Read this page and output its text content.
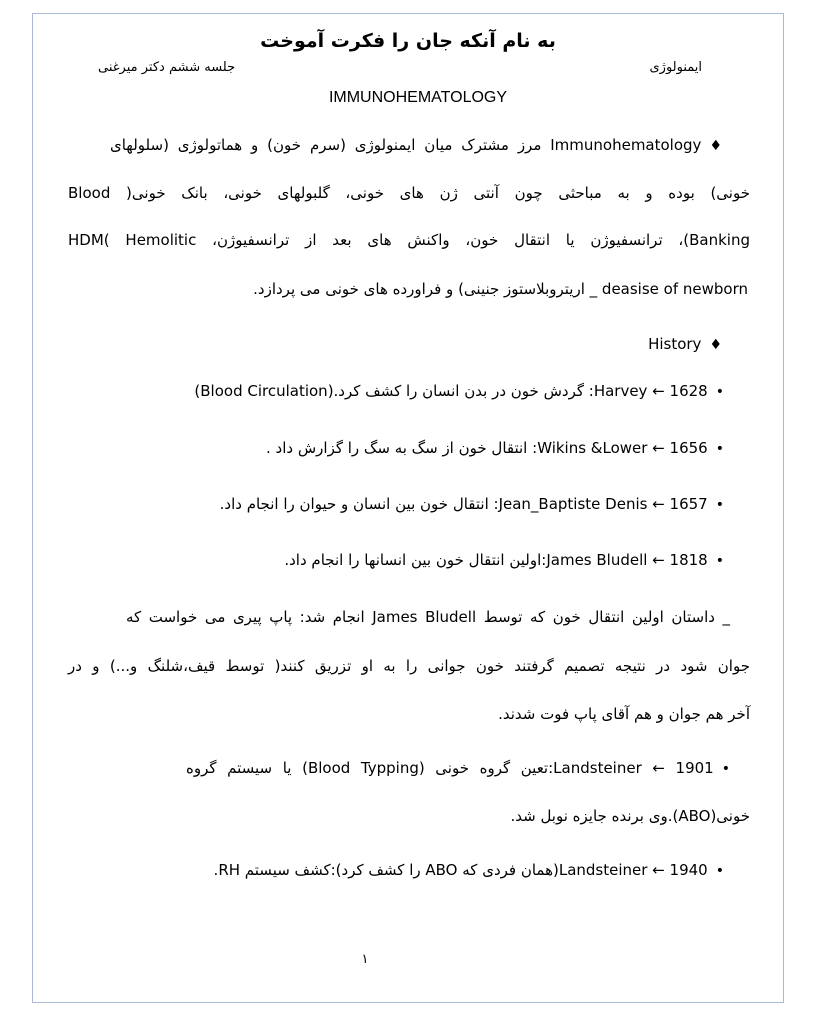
به نام آنکه جان را فکرت آموخت
جلسه ششم دکتر میرغنی	ایمنولوژی
IMMUNOHEMATOLOGY
♦Immunohematology مرز مشترک میان ایمنولوژی (سرم خون) و هماتولوژی (سلولهای
خونی) بوده و به مباحثی چون آنتی ژن های خونی، گلبولهای خونی، بانک خونی( Blood
Banking)، ترانسفیوژن یا انتقال خون، واکنش های بعد از ترانسفیوژن، HDM( Hemolitic
deasise of newborn _ اریتروبلاستوز جنینی) و فراورده های خونی می پردازد.
♦History
•1628 ← Harvey: گردش خون در بدن انسان را کشف کرد.(Blood Circulation)
•1656 ← Wikins &Lower: انتقال خون از سگ به سگ را گزارش داد .
•1657 ← Jean_Baptiste Denis: انتقال خون بین انسان و حیوان را انجام داد.
•1818 ← James Bludell:اولین انتقال خون بین انسانها را انجام داد.
_ داستان اولین انتقال خون که توسط James Bludell انجام شد: پاپ پیری می خواست که
جوان شود در نتیجه تصمیم گرفتند خون جوانی را به او تزریق کنند( توسط قیف،شلنگ و...) و در
آخر هم جوان و هم آقای پاپ فوت شدند.
•1901 ← Landsteiner:تعین گروه خونی (Blood Typping) یا سیستم گروه
خونی(ABO).وی برنده جایزه نوبل شد.
•1940 ← Landsteiner(همان فردی که ABO را کشف کرد):کشف سیستم RH.
١
